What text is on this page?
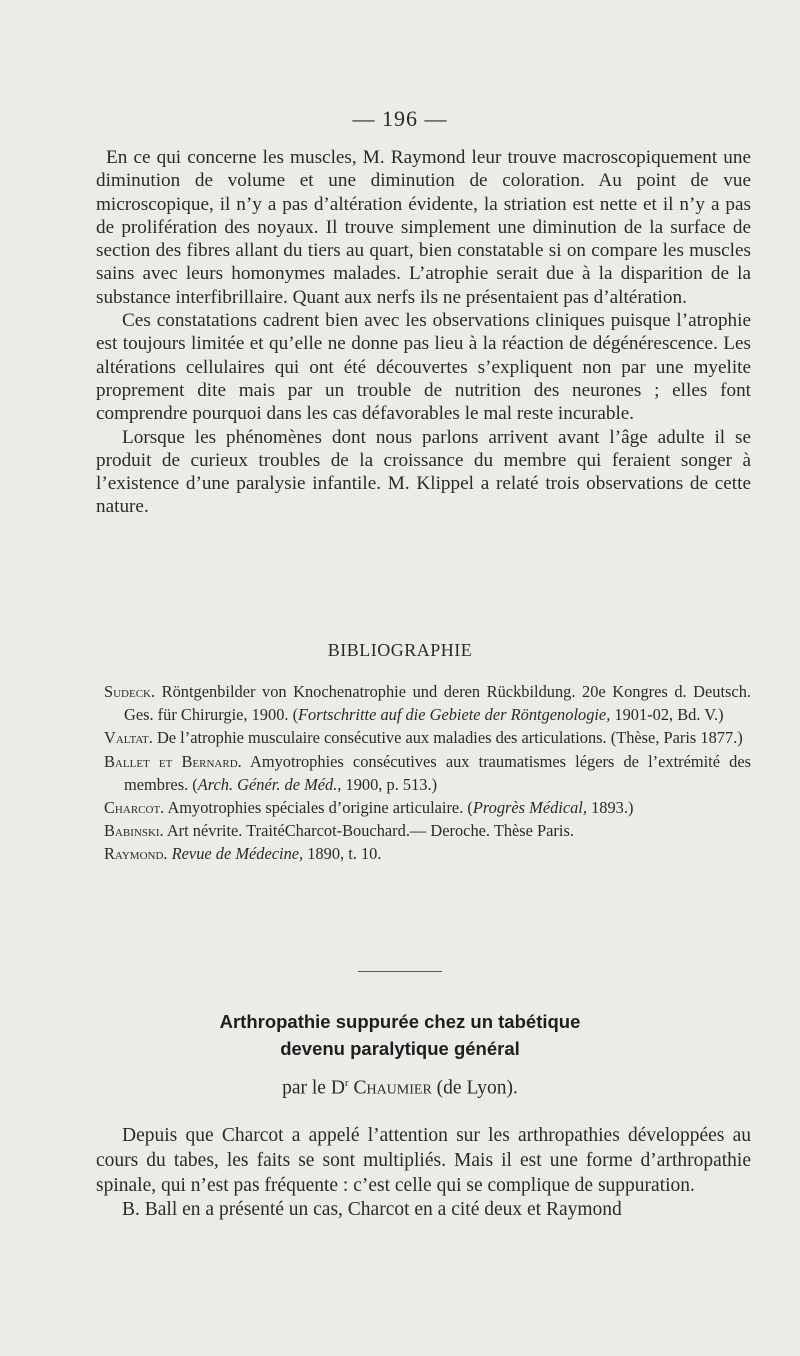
— 196 —

En ce qui concerne les muscles, M. Raymond leur trouve macroscopiquement une diminution de volume et une diminution de coloration. Au point de vue microscopique, il n’y a pas d’altération évidente, la striation est nette et il n’y a pas de prolifération des noyaux. Il trouve simplement une diminution de la surface de section des fibres allant du tiers au quart, bien constatable si on compare les muscles sains avec leurs homonymes malades. L’atrophie serait due à la disparition de la substance interfibrillaire. Quant aux nerfs ils ne présentaient pas d’altération.

Ces constatations cadrent bien avec les observations cliniques puisque l’atrophie est toujours limitée et qu’elle ne donne pas lieu à la réaction de dégénérescence. Les altérations cellulaires qui ont été découvertes s’expliquent non par une myelite proprement dite mais par un trouble de nutrition des neurones ; elles font comprendre pourquoi dans les cas défavorables le mal reste incurable.

Lorsque les phénomènes dont nous parlons arrivent avant l’âge adulte il se produit de curieux troubles de la croissance du membre qui feraient songer à l’existence d’une paralysie infantile. M. Klippel a relaté trois observations de cette nature.

BIBLIOGRAPHIE

Sudeck. Röntgenbilder von Knochenatrophie und deren Rückbildung. 20e Kongres d. Deutsch. Ges. für Chirurgie, 1900. (Fortschritte auf die Gebiete der Röntgenologie, 1901-02, Bd. V.)

Valtat. De l’atrophie musculaire consécutive aux maladies des articulations. (Thèse, Paris 1877.)

Ballet et Bernard. Amyotrophies consécutives aux traumatismes légers de l’extrémité des membres. (Arch. Génér. de Méd., 1900, p. 513.)

Charcot. Amyotrophies spéciales d’origine articulaire. (Progrès Médical, 1893.)

Babinski. Art névrite. TraitéCharcot-Bouchard.— Deroche. Thèse Paris.

Raymond. Revue de Médecine, 1890, t. 10.

Arthropathie suppurée chez un tabétique
devenu paralytique général
par le $D^r$ Chaumier (de Lyon).

Depuis que Charcot a appelé l’attention sur les arthropathies développées au cours du tabes, les faits se sont multipliés. Mais il est une forme d’arthropathie spinale, qui n’est pas fréquente : c’est celle qui se complique de suppuration.

B. Ball en a présenté un cas, Charcot en a cité deux et Raymond
